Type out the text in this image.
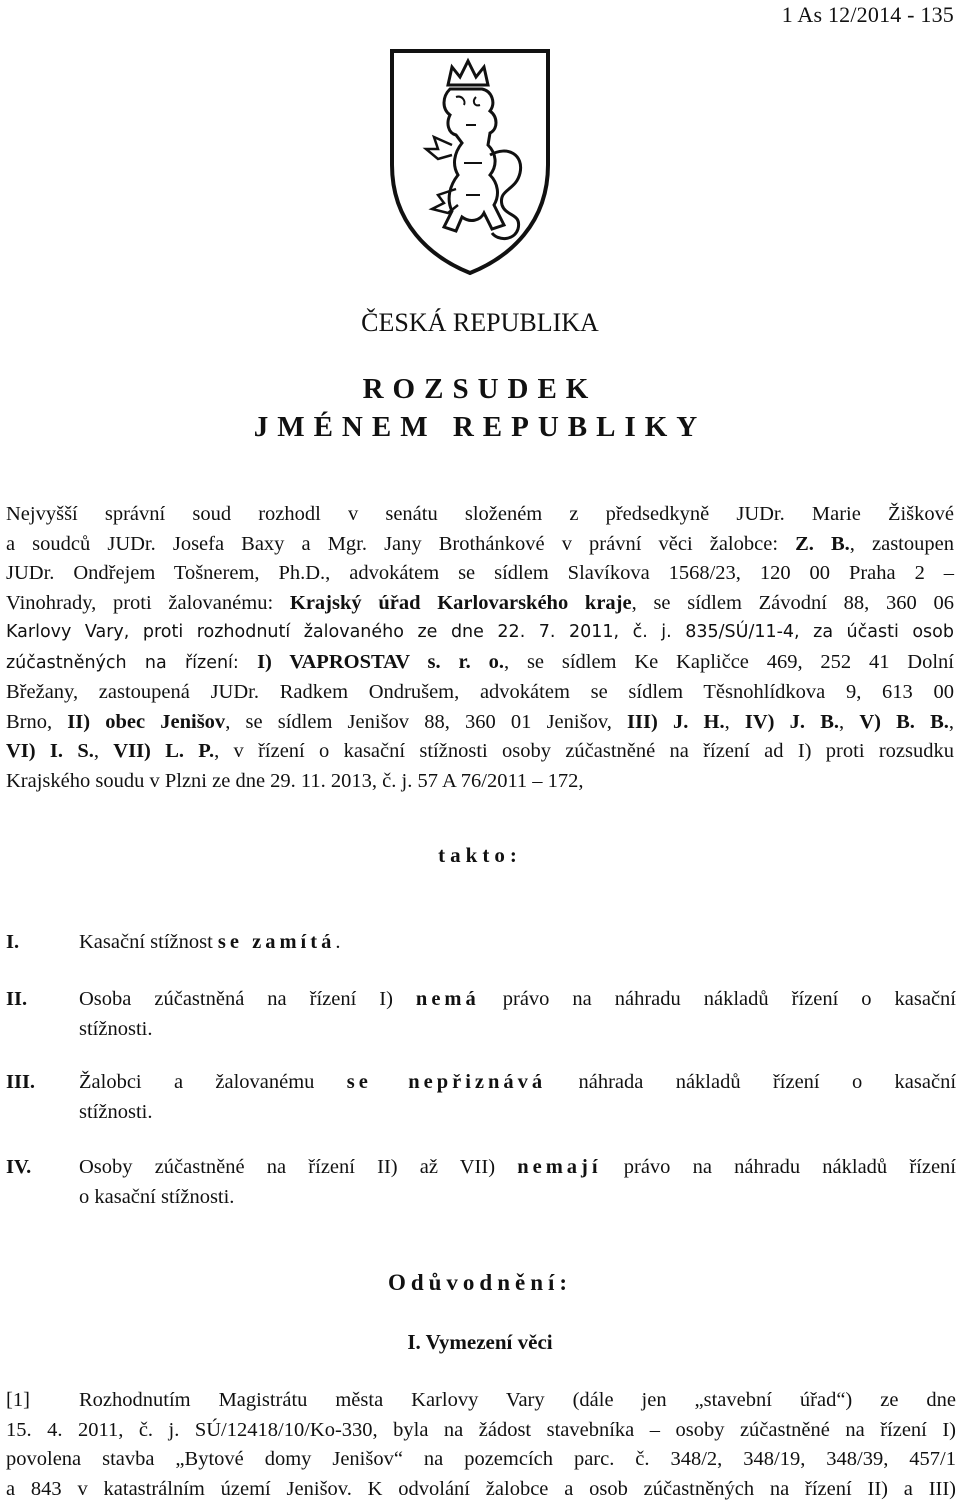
1 As 12/2014 - 135
ČESKÁ REPUBLIKA
ROZSUDEK
JMÉNEM REPUBLIKY
Nejvyšší správní soud rozhodl v senátu složeném z předsedkyně JUDr. Marie Žiškové
a soudců JUDr. Josefa Baxy a Mgr. Jany Brothánkové v právní věci žalobce: Z. B., zastoupen
JUDr. Ondřejem Tošnerem, Ph.D., advokátem se sídlem Slavíkova 1568/23, 120 00 Praha 2 –
Vinohrady, proti žalovanému: Krajský úřad Karlovarského kraje, se sídlem Závodní 88, 360 06
Karlovy Vary, proti rozhodnutí žalovaného ze dne 22. 7. 2011, č. j. 835/SÚ/11-4, za účasti osob
zúčastněných na řízení: I) VAPROSTAV s. r. o., se sídlem Ke Kapličce 469, 252 41 Dolní
Břežany, zastoupená JUDr. Radkem Ondrušem, advokátem se sídlem Těsnohlídkova 9, 613 00
Brno, II) obec Jenišov, se sídlem Jenišov 88, 360 01 Jenišov, III) J. H., IV) J. B., V) B. B.,
VI) I. S., VII) L. P., v řízení o kasační stížnosti osoby zúčastněné na řízení ad I) proti rozsudku
Krajského soudu v Plzni ze dne 29. 11. 2013, č. j. 57 A 76/2011 – 172,
takto:
I.	Kasační stížnost se zamítá.
II.	Osoba zúčastněná na řízení I) nemá právo na náhradu nákladů řízení o kasační
stížnosti.
III. Žalobci a žalovanému se nepřiznává náhrada nákladů řízení o kasační
stížnosti.
IV. Osoby zúčastněné na řízení II) až VII) nemají právo na náhradu nákladů řízení
o kasační stížnosti.
Odůvodnění:
I. Vymezení věci
[1] Rozhodnutím Magistrátu města Karlovy Vary (dále jen „stavební úřad“) ze dne
15. 4. 2011, č. j. SÚ/12418/10/Ko-330, byla na žádost stavebníka – osoby zúčastněné na řízení I)
povolena stavba „Bytové domy Jenišov“ na pozemcích parc. č. 348/2, 348/19, 348/39, 457/1
a 843 v katastrálním území Jenišov. K odvolání žalobce a osob zúčastněných na řízení II) a III)
